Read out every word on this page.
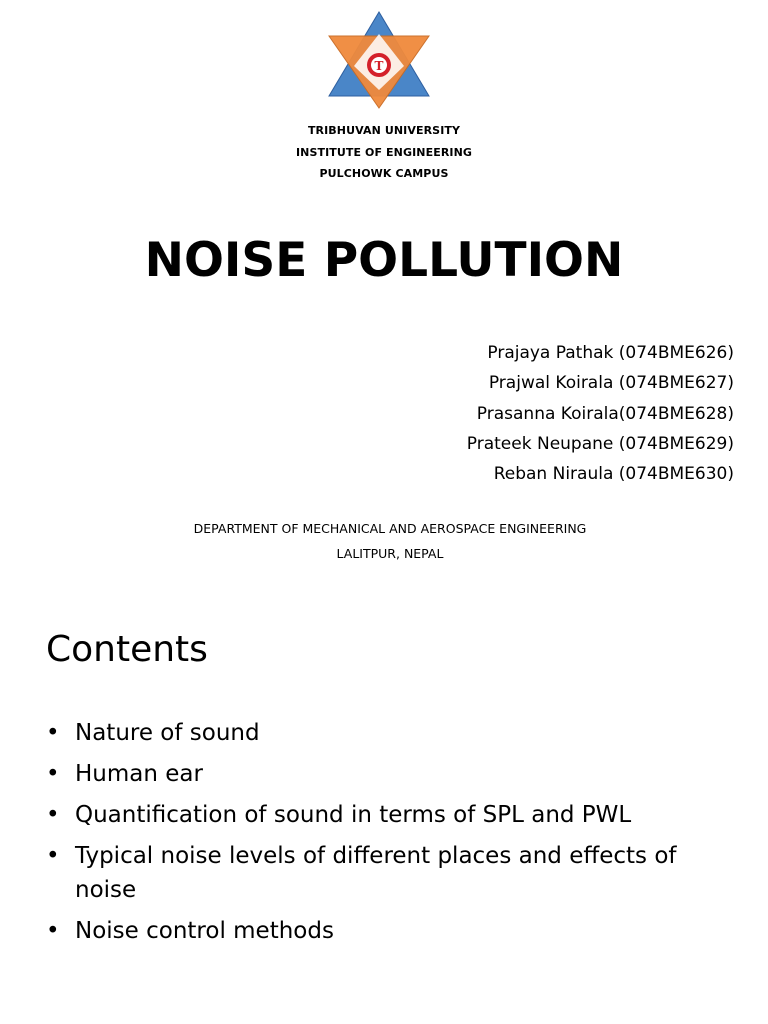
T
TRIBHUVAN UNIVERSITY
INSTITUTE OF ENGINEERING
PULCHOWK CAMPUS
NOISE POLLUTION
Prajaya Pathak (074BME626)
Prajwal Koirala (074BME627)
Prasanna Koirala(074BME628)
Prateek Neupane (074BME629)
Reban Niraula (074BME630)
DEPARTMENT OF MECHANICAL AND AEROSPACE ENGINEERING
LALITPUR, NEPAL
Contents
• Nature of sound
• Human ear
• Quantification of sound in terms of SPL and PWL
• Typical noise levels of different places and effects of noise
• Noise control methods
